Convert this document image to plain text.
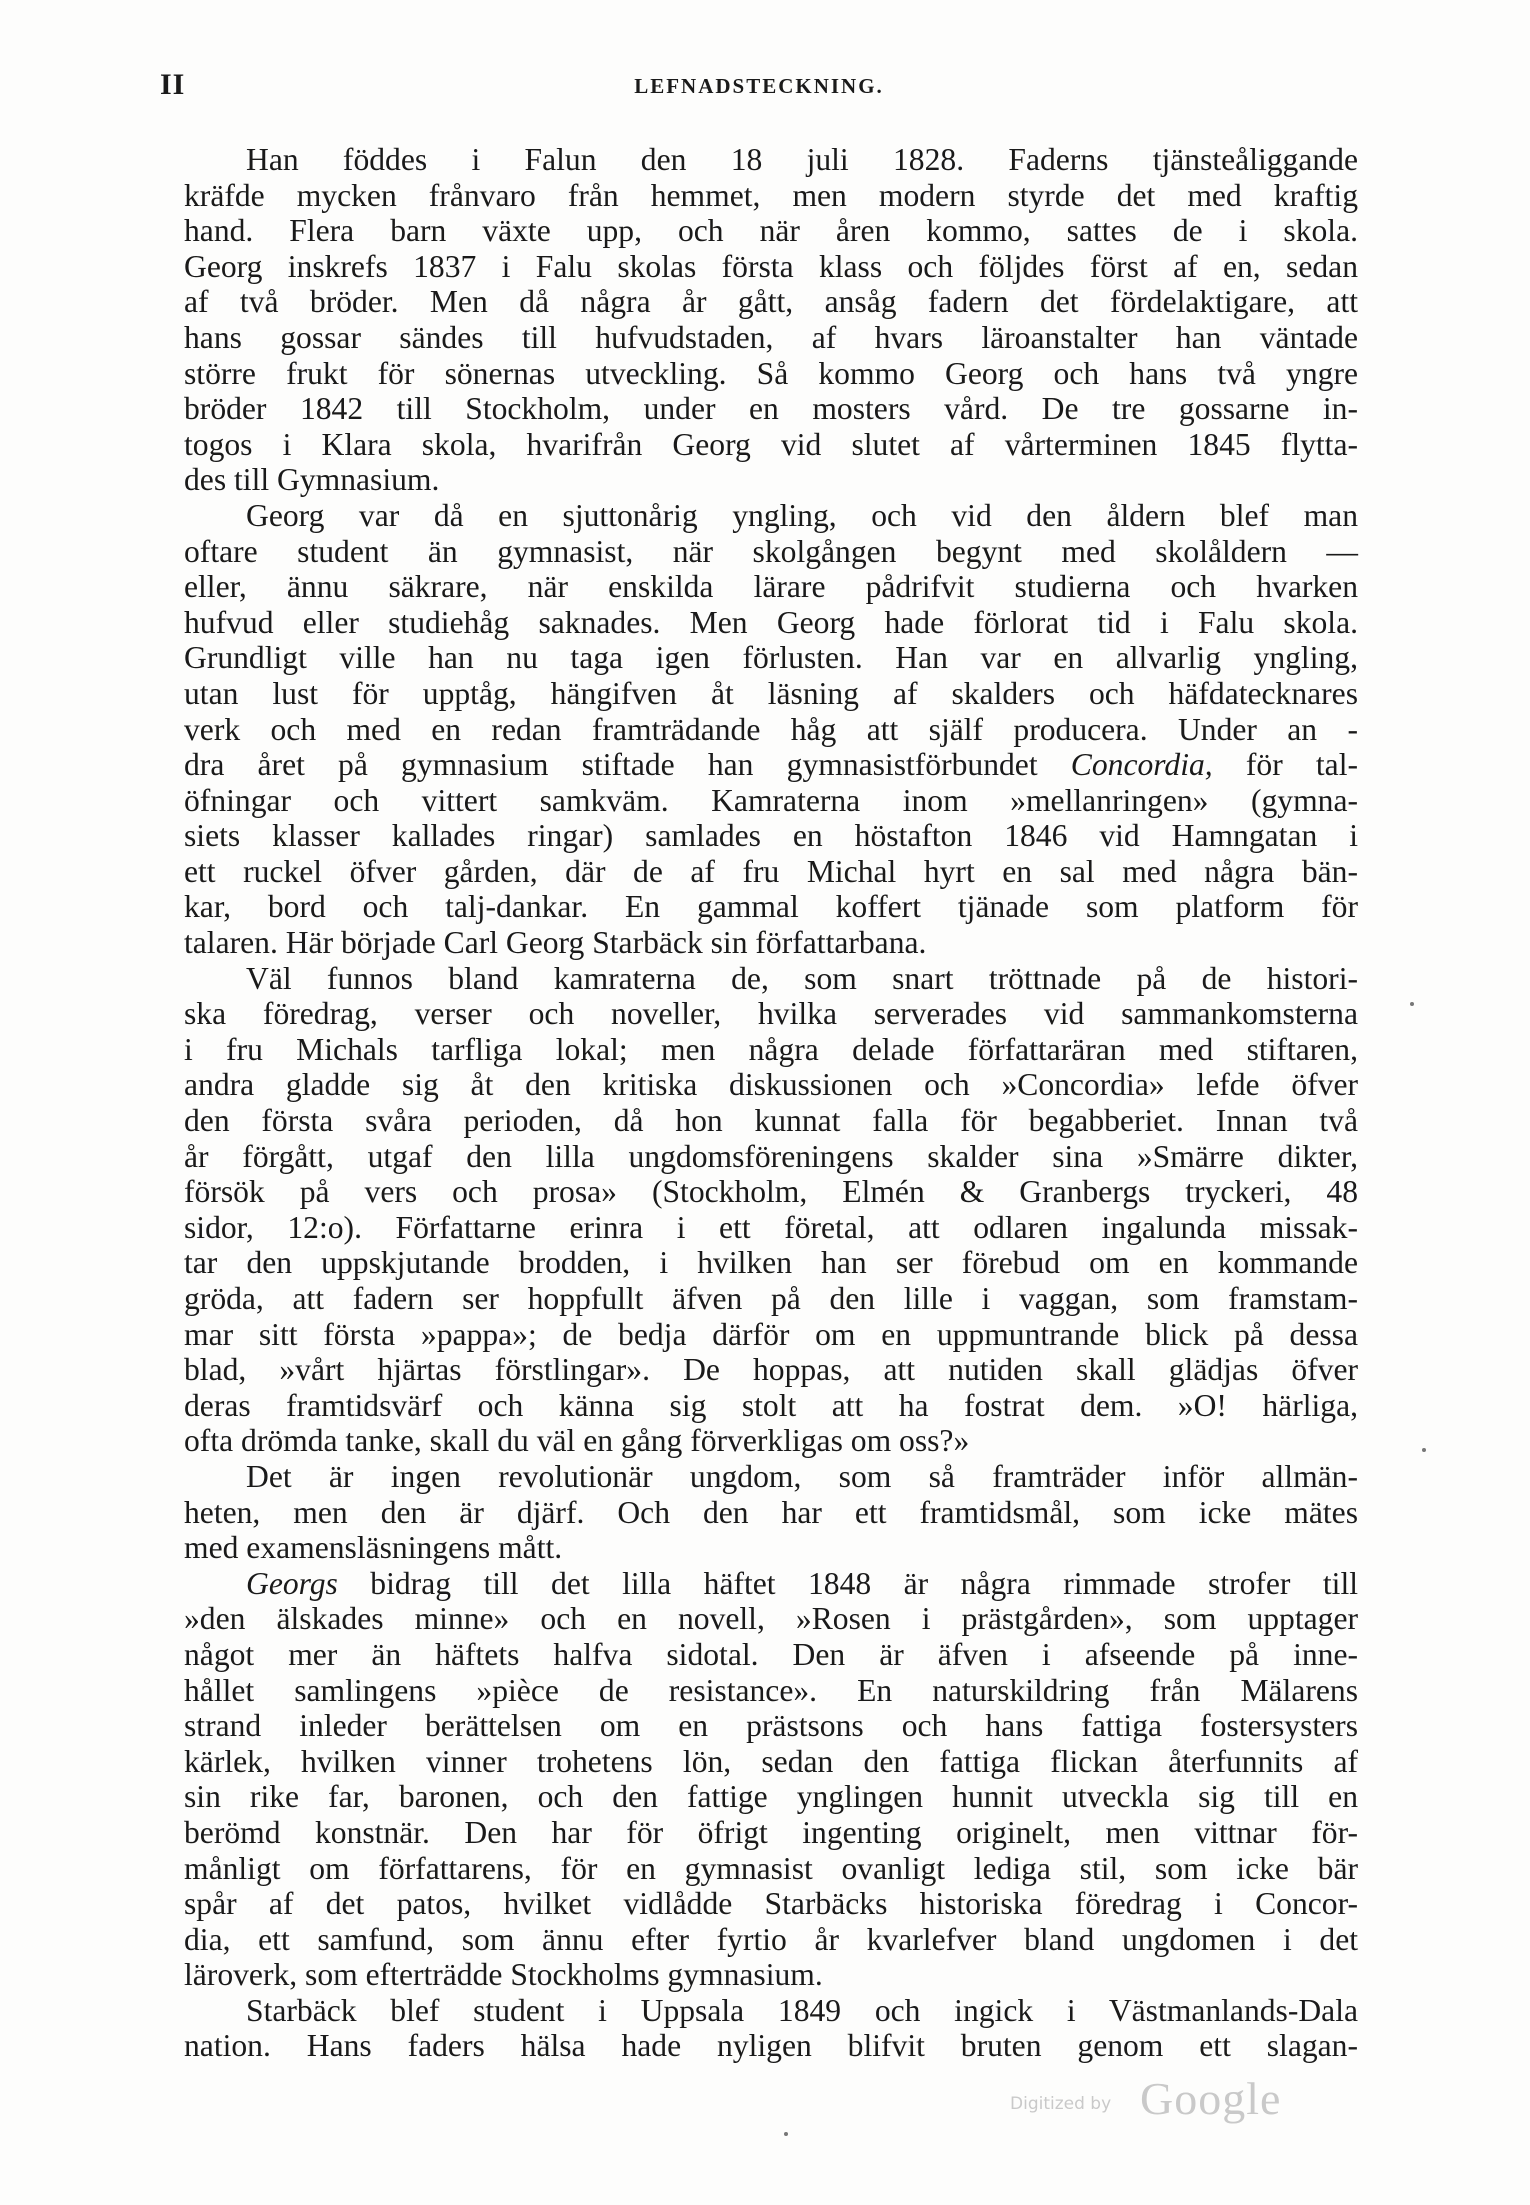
II	LEFNADSTECKNING.
Han föddes i Falun den 18 juli 1828. Faderns tjänsteåliggande
kräfde mycken frånvaro från hemmet, men modern styrde det med kraftig
hand. Flera barn växte upp, och när åren kommo, sattes de i skola.
Georg inskrefs 1837 i Falu skolas första klass och följdes först af en, sedan
af två bröder. Men då några år gått, ansåg fadern det fördelaktigare, att
hans gossar sändes till hufvudstaden, af hvars läroanstalter han väntade
större frukt för sönernas utveckling. Så kommo Georg och hans två yngre
bröder 1842 till Stockholm, under en mosters vård. De tre gossarne in-
togos i Klara skola, hvarifrån Georg vid slutet af vårterminen 1845 flytta-
des till Gymnasium.
Georg var då en sjuttonårig yngling, och vid den åldern blef man
oftare student än gymnasist, när skolgången begynt med skolåldern —
eller, ännu säkrare, när enskilda lärare pådrifvit studierna och hvarken
hufvud eller studiehåg saknades. Men Georg hade förlorat tid i Falu skola.
Grundligt ville han nu taga igen förlusten. Han var en allvarlig yngling,
utan lust för upptåg, hängifven åt läsning af skalders och häfdatecknares
verk och med en redan framträdande håg att själf producera. Under an -
dra året på gymnasium stiftade han gymnasistförbundet Concordia, för tal-
öfningar och vittert samkväm. Kamraterna inom »mellanringen» (gymna-
siets klasser kallades ringar) samlades en höstafton 1846 vid Hamngatan i
ett ruckel öfver gården, där de af fru Michal hyrt en sal med några bän-
kar, bord och talj-dankar. En gammal koffert tjänade som platform för
talaren. Här började Carl Georg Starbäck sin författarbana.
Väl funnos bland kamraterna de, som snart tröttnade på de histori-
ska föredrag, verser och noveller, hvilka serverades vid sammankomsterna
i fru Michals tarfliga lokal; men några delade författaräran med stiftaren,
andra gladde sig åt den kritiska diskussionen och »Concordia» lefde öfver
den första svåra perioden, då hon kunnat falla för begabberiet. Innan två
år förgått, utgaf den lilla ungdomsföreningens skalder sina »Smärre dikter,
försök på vers och prosa» (Stockholm, Elmén & Granbergs tryckeri, 48
sidor, 12:o). Författarne erinra i ett företal, att odlaren ingalunda missak-
tar den uppskjutande brodden, i hvilken han ser förebud om en kommande
gröda, att fadern ser hoppfullt äfven på den lille i vaggan, som framstam-
mar sitt första »pappa»; de bedja därför om en uppmuntrande blick på dessa
blad, »vårt hjärtas förstlingar». De hoppas, att nutiden skall glädjas öfver
deras framtidsvärf och känna sig stolt att ha fostrat dem. »O! härliga,
ofta drömda tanke, skall du väl en gång förverkligas om oss?»
Det är ingen revolutionär ungdom, som så framträder inför allmän-
heten, men den är djärf. Och den har ett framtidsmål, som icke mätes
med examensläsningens mått.
Georgs bidrag till det lilla häftet 1848 är några rimmade strofer till
»den älskades minne» och en novell, »Rosen i prästgården», som upptager
något mer än häftets halfva sidotal. Den är äfven i afseende på inne-
hållet samlingens »pièce de resistance». En naturskildring från Mälarens
strand inleder berättelsen om en prästsons och hans fattiga fostersysters
kärlek, hvilken vinner trohetens lön, sedan den fattiga flickan återfunnits af
sin rike far, baronen, och den fattige ynglingen hunnit utveckla sig till en
berömd konstnär. Den har för öfrigt ingenting originelt, men vittnar för-
månligt om författarens, för en gymnasist ovanligt lediga stil, som icke bär
spår af det patos, hvilket vidlådde Starbäcks historiska föredrag i Concor-
dia, ett samfund, som ännu efter fyrtio år kvarlefver bland ungdomen i det
läroverk, som efterträdde Stockholms gymnasium.
Starbäck blef student i Uppsala 1849 och ingick i Västmanlands-Dala
nation. Hans faders hälsa hade nyligen blifvit bruten genom ett slagan-
Digitized by Google
